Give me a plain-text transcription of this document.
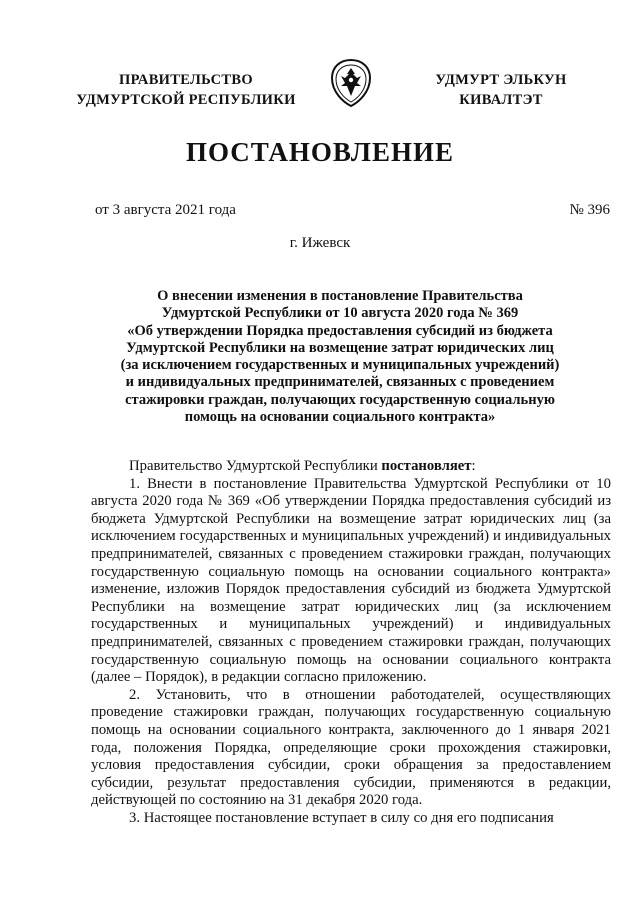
ПРАВИТЕЛЬСТВО
УДМУРТСКОЙ РЕСПУБЛИКИ
УДМУРТ ЭЛЬКУН
КИВАЛТЭТ
ПОСТАНОВЛЕНИЕ
от 3 августа 2021 года	№ 396
г. Ижевск
О внесении изменения в постановление Правительства
Удмуртской Республики от 10 августа 2020 года № 369
«Об утверждении Порядка предоставления субсидий из бюджета
Удмуртской Республики на возмещение затрат юридических лиц
(за исключением государственных и муниципальных учреждений)
и индивидуальных предпринимателей, связанных с проведением
стажировки граждан, получающих государственную социальную
помощь на основании социального контракта»

Правительство Удмуртской Республики постановляет:

1. Внести в постановление Правительства Удмуртской Республики от 10 августа 2020 года № 369 «Об утверждении Порядка предоставления субсидий из бюджета Удмуртской Республики на возмещение затрат юридических лиц (за исключением государственных и муниципальных учреждений) и индивидуальных предпринимателей, связанных с проведением стажировки граждан, получающих государственную социальную помощь на основании социального контракта» изменение, изложив Порядок предоставления субсидий из бюджета Удмуртской Республики на возмещение затрат юридических лиц (за исключением государственных и муниципальных учреждений) и индивидуальных предпринимателей, связанных с проведением стажировки граждан, получающих государственную социальную помощь на основании социального контракта (далее – Порядок), в редакции согласно приложению.

2. Установить, что в отношении работодателей, осуществляющих проведение стажировки граждан, получающих государственную социальную помощь на основании социального контракта, заключенного до 1 января 2021 года, положения Порядка, определяющие сроки прохождения стажировки, условия предоставления субсидии, сроки обращения за предоставлением субсидии, результат предоставления субсидии, применяются в редакции, действующей по состоянию на 31 декабря 2020 года.

3. Настоящее постановление вступает в силу со дня его подписания
